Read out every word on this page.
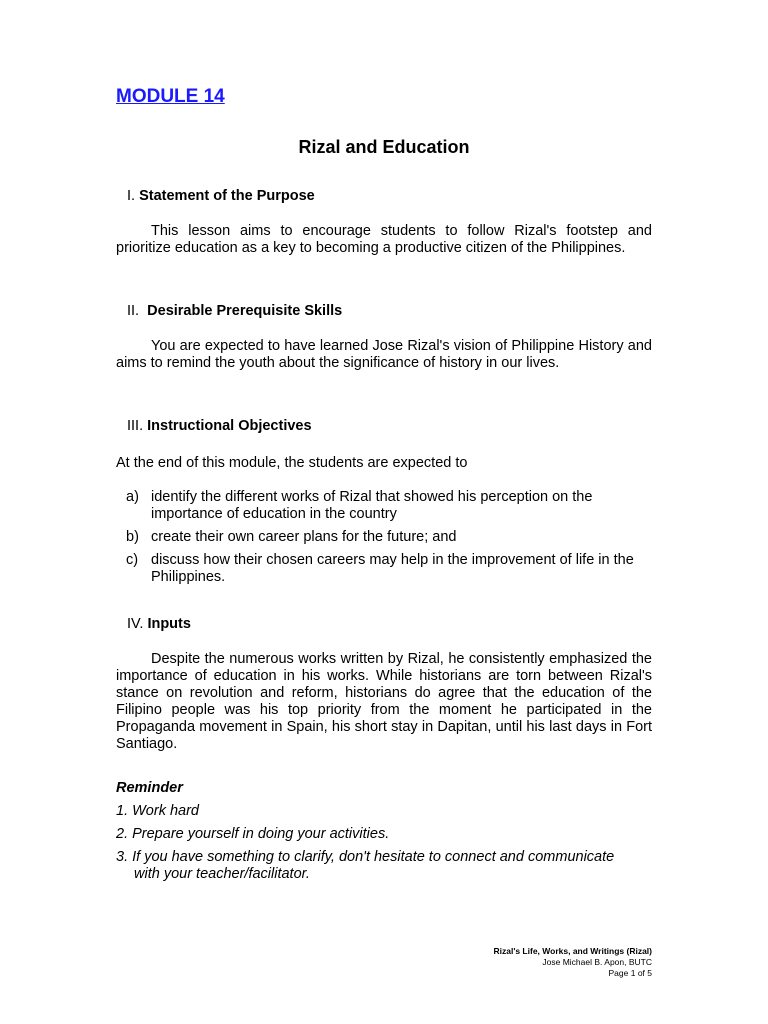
MODULE 14
Rizal and Education
I. Statement of the Purpose
This lesson aims to encourage students to follow Rizal's footstep and prioritize education as a key to becoming a productive citizen of the Philippines.
II. Desirable Prerequisite Skills
You are expected to have learned Jose Rizal's vision of Philippine History and aims to remind the youth about the significance of history in our lives.
III. Instructional Objectives
At the end of this module, the students are expected to
a) identify the different works of Rizal that showed his perception on the importance of education in the country
b) create their own career plans for the future; and
c) discuss how their chosen careers may help in the improvement of life in the Philippines.
IV. Inputs
Despite the numerous works written by Rizal, he consistently emphasized the importance of education in his works. While historians are torn between Rizal's stance on revolution and reform, historians do agree that the education of the Filipino people was his top priority from the moment he participated in the Propaganda movement in Spain, his short stay in Dapitan, until his last days in Fort Santiago.
Reminder
1. Work hard
2. Prepare yourself in doing your activities.
3. If you have something to clarify, don't hesitate to connect and communicate
with your teacher/facilitator.
Rizal's Life, Works, and Writings (Rizal)
Jose Michael B. Apon, BUTC
Page 1 of 5
